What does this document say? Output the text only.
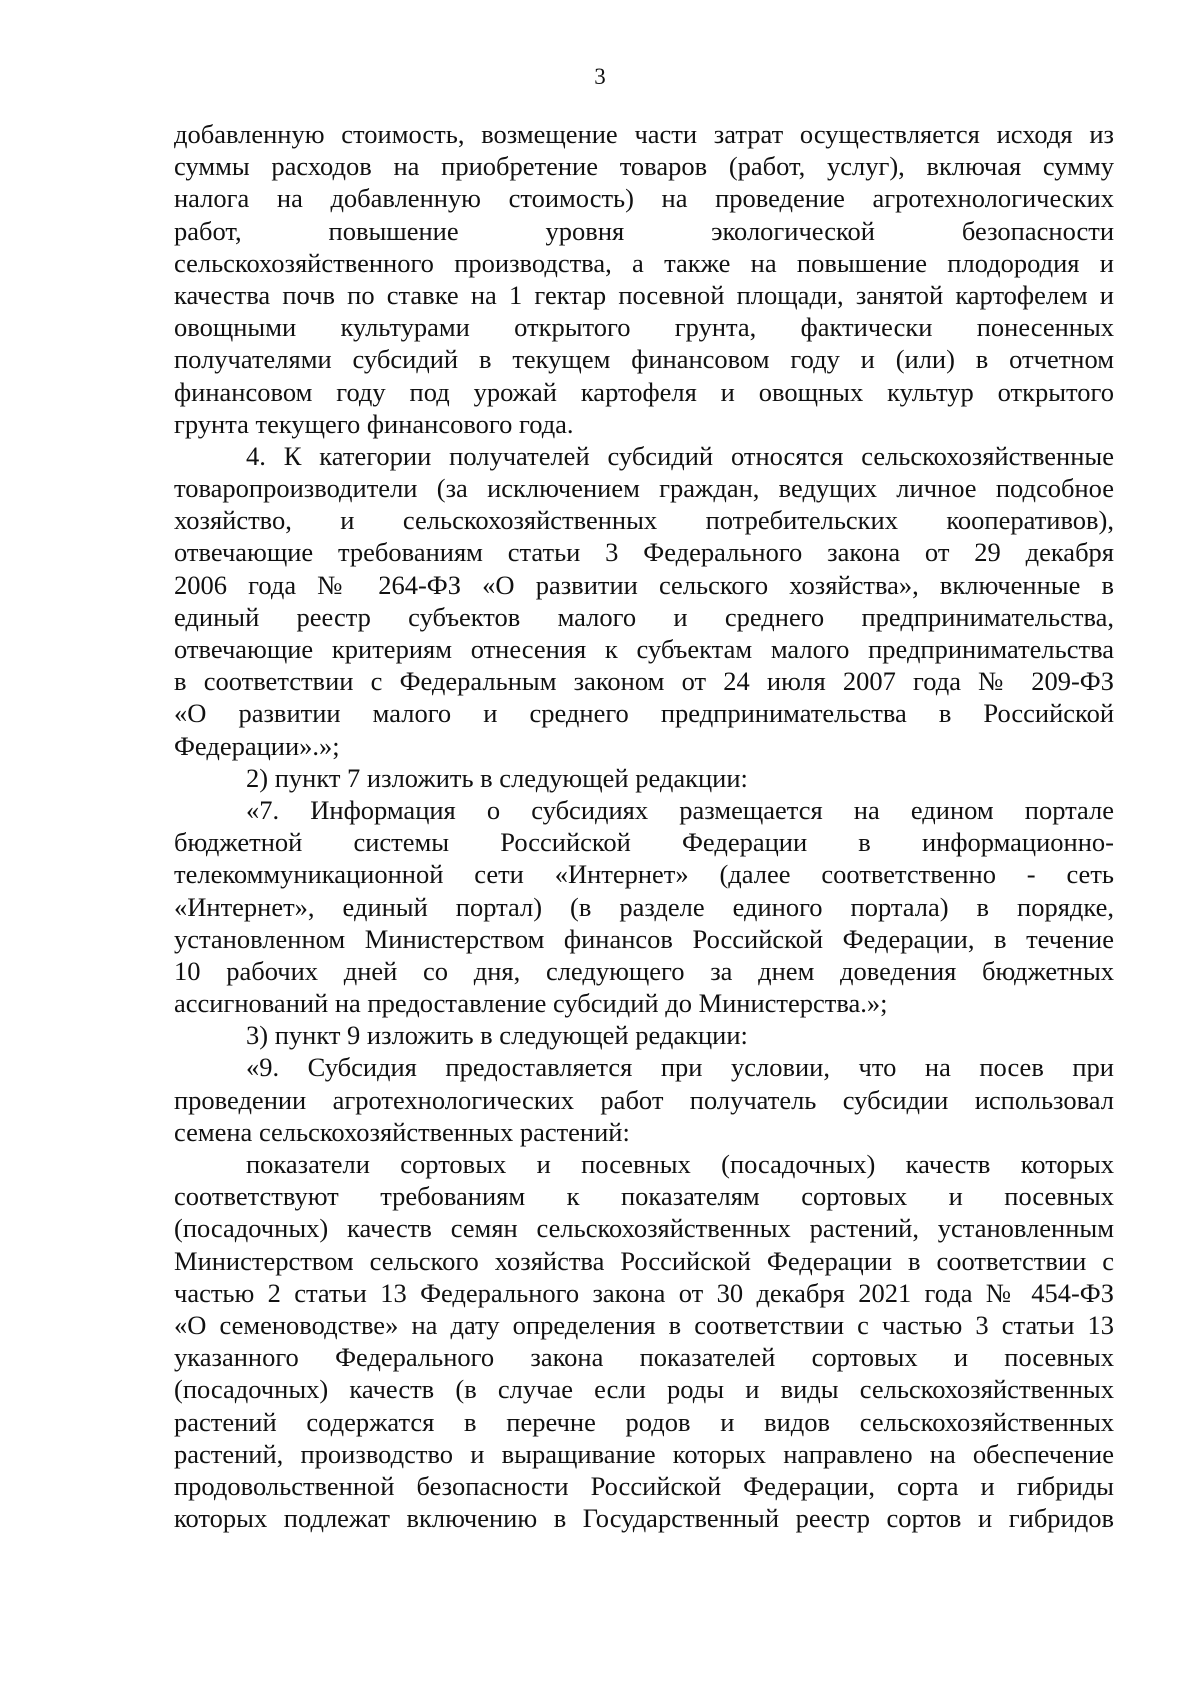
3
добавленную стоимость, возмещение части затрат осуществляется исходя из
суммы расходов на приобретение товаров (работ, услуг), включая сумму
налога на добавленную стоимость) на проведение агротехнологических
работ, повышение уровня экологической безопасности
сельскохозяйственного производства, а также на повышение плодородия и
качества почв по ставке на 1 гектар посевной площади, занятой картофелем и
овощными культурами открытого грунта, фактически понесенных
получателями субсидий в текущем финансовом году и (или) в отчетном
финансовом году под урожай картофеля и овощных культур открытого
грунта текущего финансового года.
4. К категории получателей субсидий относятся сельскохозяйственные
товаропроизводители (за исключением граждан, ведущих личное подсобное
хозяйство, и сельскохозяйственных потребительских кооперативов),
отвечающие требованиям статьи 3 Федерального закона от 29 декабря
2006 года № 264-ФЗ «О развитии сельского хозяйства», включенные в
единый реестр субъектов малого и среднего предпринимательства,
отвечающие критериям отнесения к субъектам малого предпринимательства
в соответствии с Федеральным законом от 24 июля 2007 года № 209-ФЗ
«О развитии малого и среднего предпринимательства в Российской
Федерации».»;
2) пункт 7 изложить в следующей редакции:
«7. Информация о субсидиях размещается на едином портале
бюджетной системы Российской Федерации в информационно-
телекоммуникационной сети «Интернет» (далее соответственно - сеть
«Интернет», единый портал) (в разделе единого портала) в порядке,
установленном Министерством финансов Российской Федерации, в течение
10 рабочих дней со дня, следующего за днем доведения бюджетных
ассигнований на предоставление субсидий до Министерства.»;
3) пункт 9 изложить в следующей редакции:
«9. Субсидия предоставляется при условии, что на посев при
проведении агротехнологических работ получатель субсидии использовал
семена сельскохозяйственных растений:
показатели сортовых и посевных (посадочных) качеств которых
соответствуют требованиям к показателям сортовых и посевных
(посадочных) качеств семян сельскохозяйственных растений, установленным
Министерством сельского хозяйства Российской Федерации в соответствии с
частью 2 статьи 13 Федерального закона от 30 декабря 2021 года № 454-ФЗ
«О семеноводстве» на дату определения в соответствии с частью 3 статьи 13
указанного Федерального закона показателей сортовых и посевных
(посадочных) качеств (в случае если роды и виды сельскохозяйственных
растений содержатся в перечне родов и видов сельскохозяйственных
растений, производство и выращивание которых направлено на обеспечение
продовольственной безопасности Российской Федерации, сорта и гибриды
которых подлежат включению в Государственный реестр сортов и гибридов
